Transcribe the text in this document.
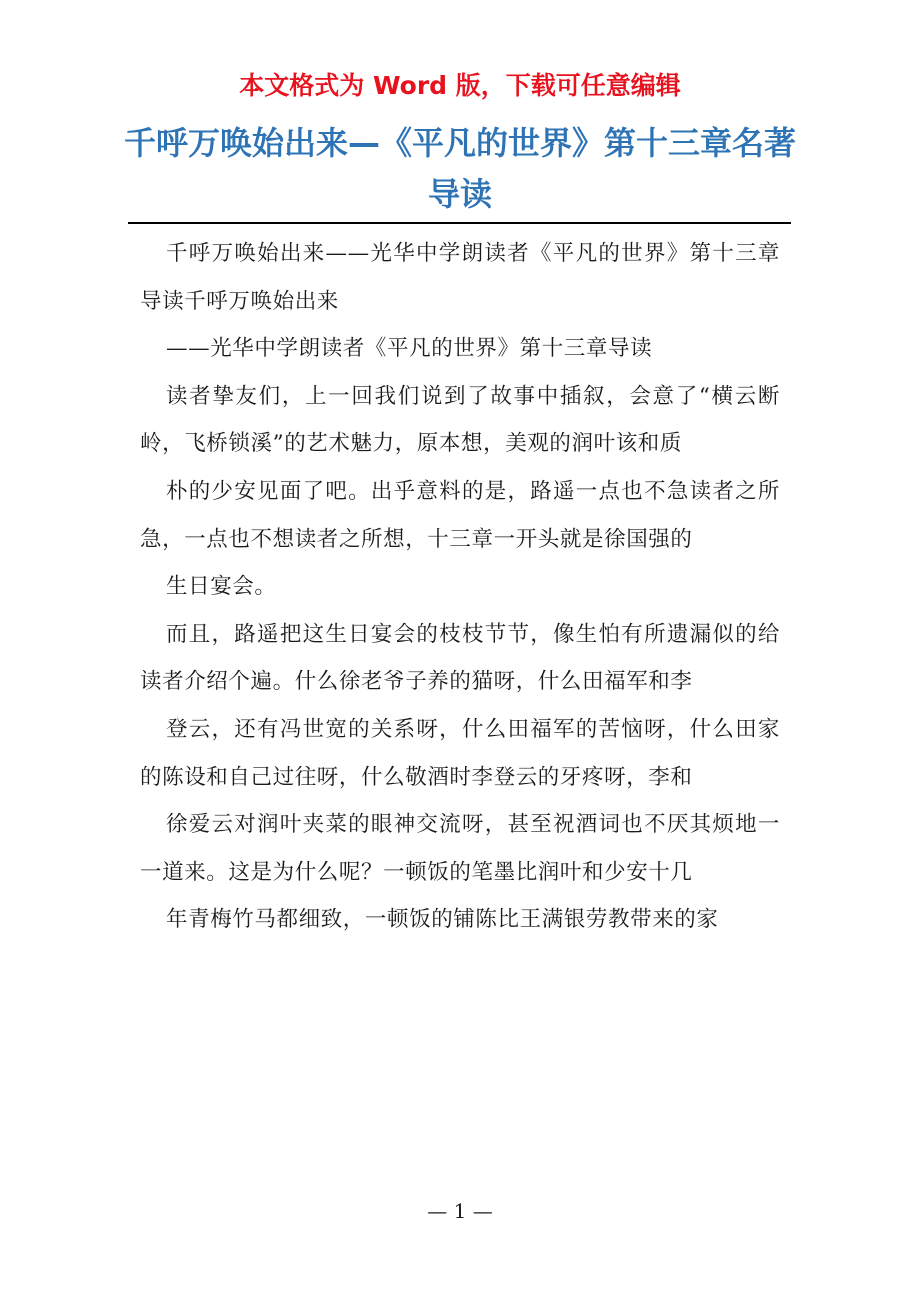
本文格式为 Word 版，下载可任意编辑
千呼万唤始出来—《平凡的世界》第十三章名著导读

千呼万唤始出来——光华中学朗读者《平凡的世界》第十三章导读千呼万唤始出来

——光华中学朗读者《平凡的世界》第十三章导读

读者挚友们，上一回我们说到了故事中插叙，会意了“横云断岭，飞桥锁溪”的艺术魅力，原本想，美观的润叶该和质

朴的少安见面了吧。出乎意料的是，路遥一点也不急读者之所急，一点也不想读者之所想，十三章一开头就是徐国强的

生日宴会。

而且，路遥把这生日宴会的枝枝节节，像生怕有所遗漏似的给读者介绍个遍。什么徐老爷子养的猫呀，什么田福军和李

登云，还有冯世宽的关系呀，什么田福军的苦恼呀，什么田家的陈设和自己过往呀，什么敬酒时李登云的牙疼呀，李和

徐爱云对润叶夹菜的眼神交流呀，甚至祝酒词也不厌其烦地一一道来。这是为什么呢？一顿饭的笔墨比润叶和少安十几

年青梅竹马都细致，一顿饭的铺陈比王满银劳教带来的家

— 1 —
